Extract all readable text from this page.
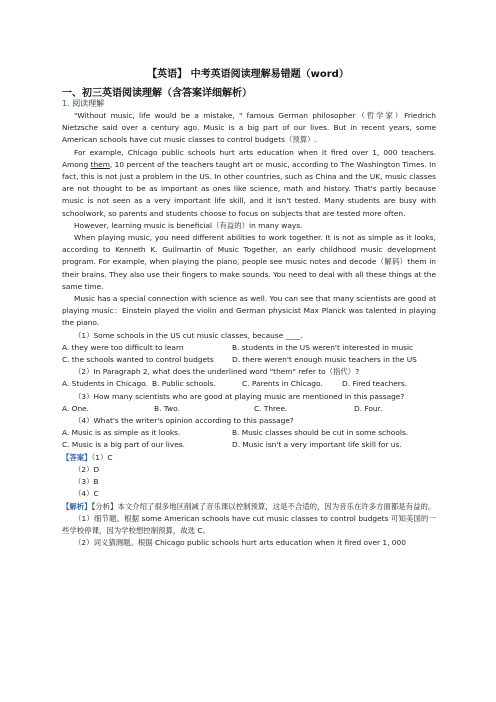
【英语】 中考英语阅读理解易错题（word）
一、初三英语阅读理解（含答案详细解析）
1. 阅读理解

"Without music, life would be a mistake, " famous German philosopher（哲学家）Friedrich Nietzsche said over a century ago. Music is a big part of our lives. But in recent years, some American schools have cut music classes to control budgets（预算）.

For example, Chicago public schools hurt arts education when it fired over 1, 000 teachers. Among them, 10 percent of the teachers taught art or music, according to The Washington Times. In fact, this is not just a problem in the US. In other countries, such as China and the UK, music classes are not thought to be as important as ones like science, math and history. That's partly because music is not seen as a very important life skill, and it isn't tested. Many students are busy with schoolwork, so parents and students choose to focus on subjects that are tested more often.

However, learning music is beneficial（有益的）in many ways.

When playing music, you need different abilities to work together. It is not as simple as it looks, according to Kenneth K. Guilmartin of Music Together, an early childhood music development program. For example, when playing the piano, people see music notes and decode（解码）them in their brains. They also use their fingers to make sounds. You need to deal with all these things at the same time.

Music has a special connection with science as well. You can see that many scientists are good at playing music：Einstein played the violin and German physicist Max Planck was talented in playing the piano.

（1）Some schools in the US cut music classes, because ____.

A. they were too difficult to learn	B. students in the US weren't interested in music
C. the schools wanted to control budgets	D. there weren't enough music teachers in the US

（2）In Paragraph 2, what does the underlined word "them" refer to（指代）?

A. Students in Chicago. B. Public schools.	C. Parents in Chicago.	D. Fired teachers.

（3）How many scientists who are good at playing music are mentioned in this passage?

A. One.	B. Two.	C. Three.	D. Four.

（4）What's the writer's opinion according to this passage?

A. Music is as simple as it looks.	B. Music classes should be cut in some schools.
C. Music is a big part of our lives.	D. Music isn't a very important life skill for us.

【答案】（1）C

（2）D

（3）B

（4）C

【解析】【分析】本文介绍了很多地区削减了音乐课以控制预算，这是不合适的，因为音乐在许多方面都是有益的。

（1）细节题。根据 some American schools have cut music classes to control budgets 可知美国的一些学校停课，因为学校想控制预算，故选 C。

（2）词义猜测题。根据 Chicago public schools hurt arts education when it fired over 1, 000
